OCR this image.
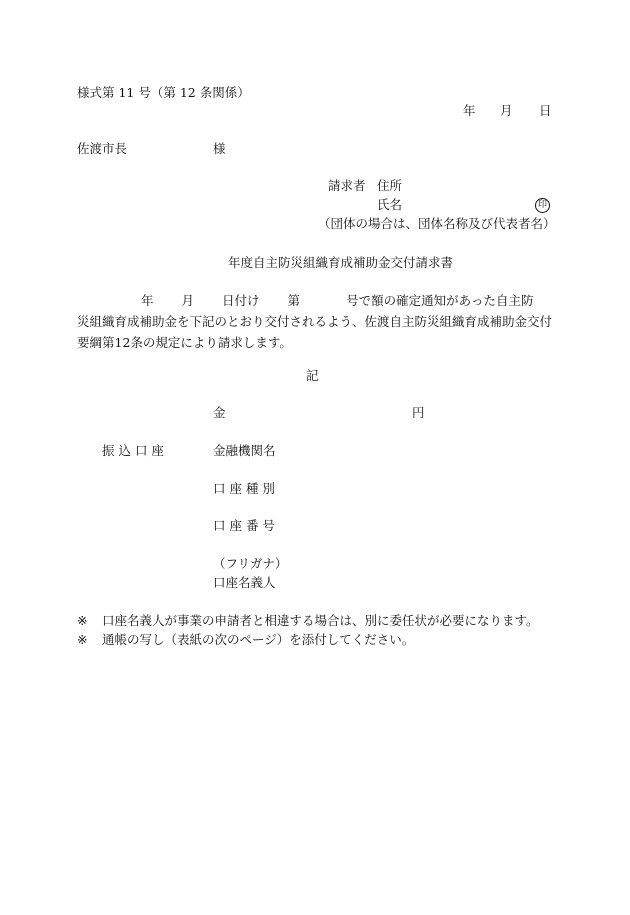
様式第 11 号（第 12 条関係）
年 月 日
佐渡市長	様
請求者 住所
氏名	印
（団体の場合は、団体名称及び代表者名）
年度自主防災組織育成補助金交付請求書
年 月 日付け 第	号で額の確定通知があった自主防
災組織育成補助金を下記のとおり交付されるよう、佐渡自主防災組織育成補助金交付
要綱第12条の規定により請求します。
記
金	円
振 込 口 座	金融機関名
口 座 種 別
口 座 番 号
（フリガナ）
口座名義人
※ 口座名義人が事業の申請者と相違する場合は、別に委任状が必要になります。
※ 通帳の写し（表紙の次のページ）を添付してください。
